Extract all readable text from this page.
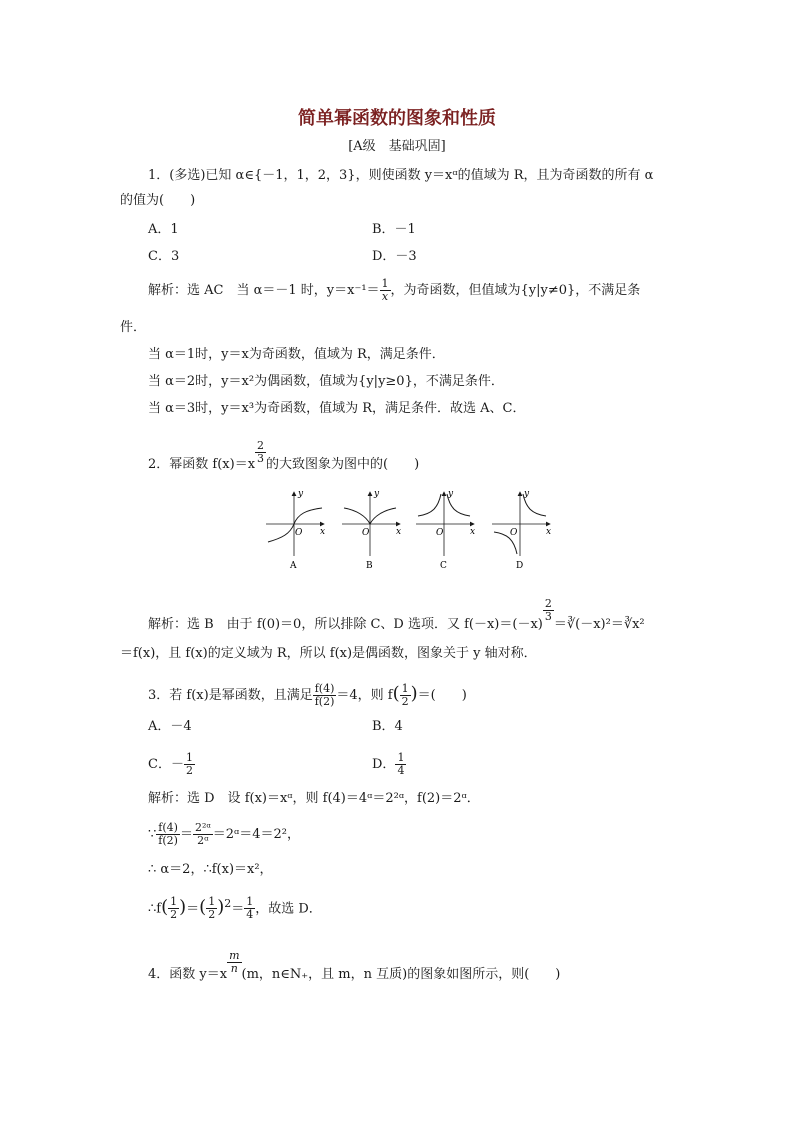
简单幂函数的图象和性质
[A级　基础巩固]
1．(多选)已知 α∈{－1，1，2，3}，则使函数 y＝xᵅ的值域为 R，且为奇函数的所有 α
的值为(　　)
A．1	B．－1
C．3	D．－3
解析：选 AC　当 α＝－1 时，$y=x^{-1}= \frac{1}{x}$ ，为奇函数，但值域为{y|y≠0}，不满足条
件．
当 α＝1时，y＝x为奇函数，值域为 R，满足条件．
当 α＝2时，y＝x²为偶函数，值域为{y|y≥0}，不满足条件．
当 α＝3时，y＝x³为奇函数，值域为 R，满足条件．故选 A、C．
2．幂函数 $f(x)=x \frac{2}{3}$ 的大致图象为图中的(　　)
y
x
O
A
y
x
O
B
y
x
O
C
y
x
O
D
解析：选 B　由于 f(0)＝0，所以排除 C、D 选项．又 f(－x)＝(－x)
$\frac{2}{3}$
＝∛(－x)²＝∛x²
＝f(x)，且 f(x)的定义域为 R，所以 f(x)是偶函数，图象关于 y 轴对称．
3．若 f(x)是幂函数，且满足 $\frac{f(4)}{f(2)} =4$，则 $f( \frac{1}{2}$ )＝(　　)
A．－4	B．4
C．－ $\frac{1}{2}$	D． $\frac{1}{4}$
解析：选 D　设 f(x)＝xᵅ，则 f(4)＝4ᵅ＝2²ᵅ，f(2)＝2ᵅ．
∵ $\frac{f(4)}{f(2)} = \frac{\text{2²ᵅ}}{\text{2ᵅ}}$ ＝2ᵅ＝4＝2²，
∴ α＝2，∴f(x)＝x²，
∴f( $\frac{1}{2}$ )＝( $\frac{1}{2} )^2= \frac{1}{4}$ ，故选 D．
4．函数 $y=x \frac{m}{n} (m$，n∈N₊，且 m，n 互质)的图象如图所示，则(　　)
